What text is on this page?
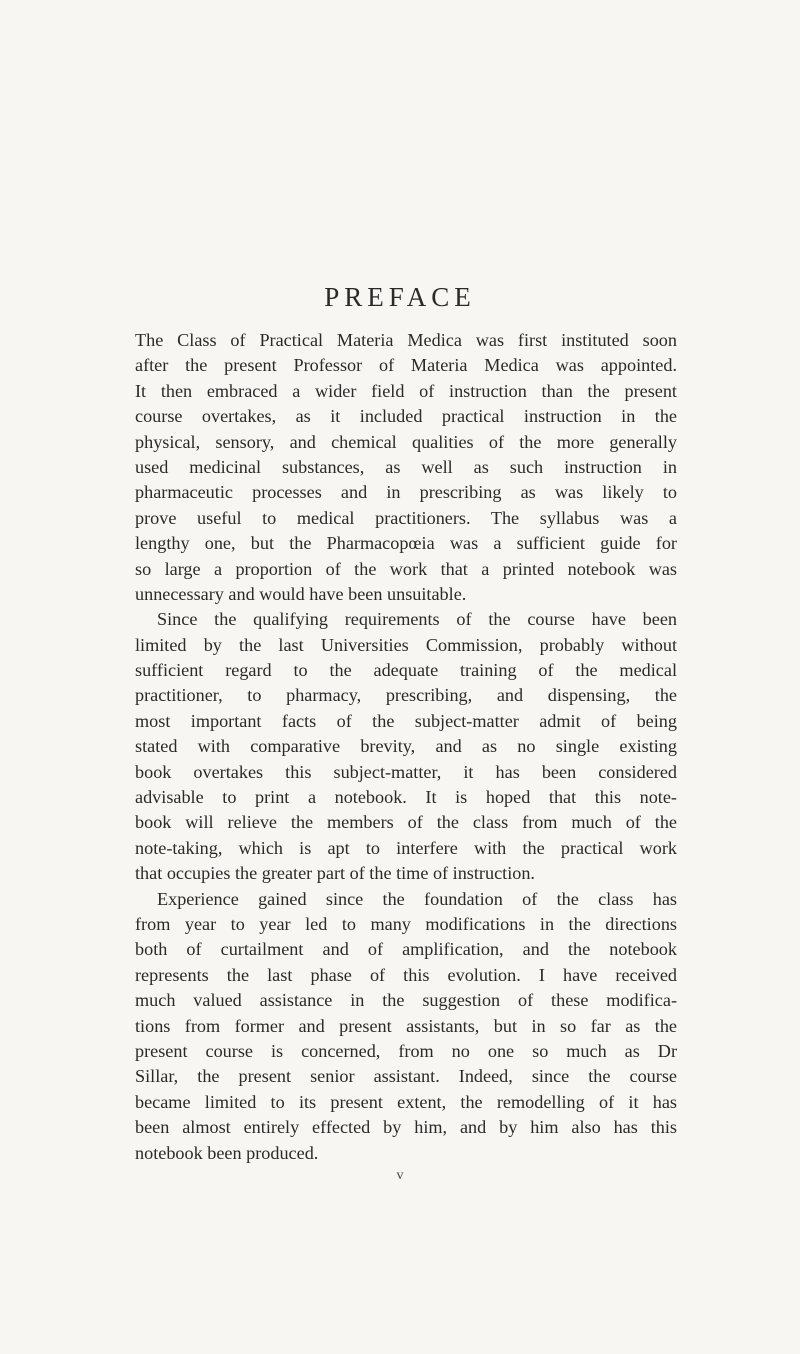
PREFACE
The Class of Practical Materia Medica was first instituted soon
after the present Professor of Materia Medica was appointed.
It then embraced a wider field of instruction than the present
course overtakes, as it included practical instruction in the
physical, sensory, and chemical qualities of the more generally
used medicinal substances, as well as such instruction in
pharmaceutic processes and in prescribing as was likely to
prove useful to medical practitioners. The syllabus was a
lengthy one, but the Pharmacopœia was a sufficient guide for
so large a proportion of the work that a printed notebook was
unnecessary and would have been unsuitable.
Since the qualifying requirements of the course have been
limited by the last Universities Commission, probably without
sufficient regard to the adequate training of the medical
practitioner, to pharmacy, prescribing, and dispensing, the
most important facts of the subject-matter admit of being
stated with comparative brevity, and as no single existing
book overtakes this subject-matter, it has been considered
advisable to print a notebook. It is hoped that this note-
book will relieve the members of the class from much of the
note-taking, which is apt to interfere with the practical work
that occupies the greater part of the time of instruction.
Experience gained since the foundation of the class has
from year to year led to many modifications in the directions
both of curtailment and of amplification, and the notebook
represents the last phase of this evolution. I have received
much valued assistance in the suggestion of these modifica-
tions from former and present assistants, but in so far as the
present course is concerned, from no one so much as Dr
Sillar, the present senior assistant. Indeed, since the course
became limited to its present extent, the remodelling of it has
been almost entirely effected by him, and by him also has this
notebook been produced.
v
